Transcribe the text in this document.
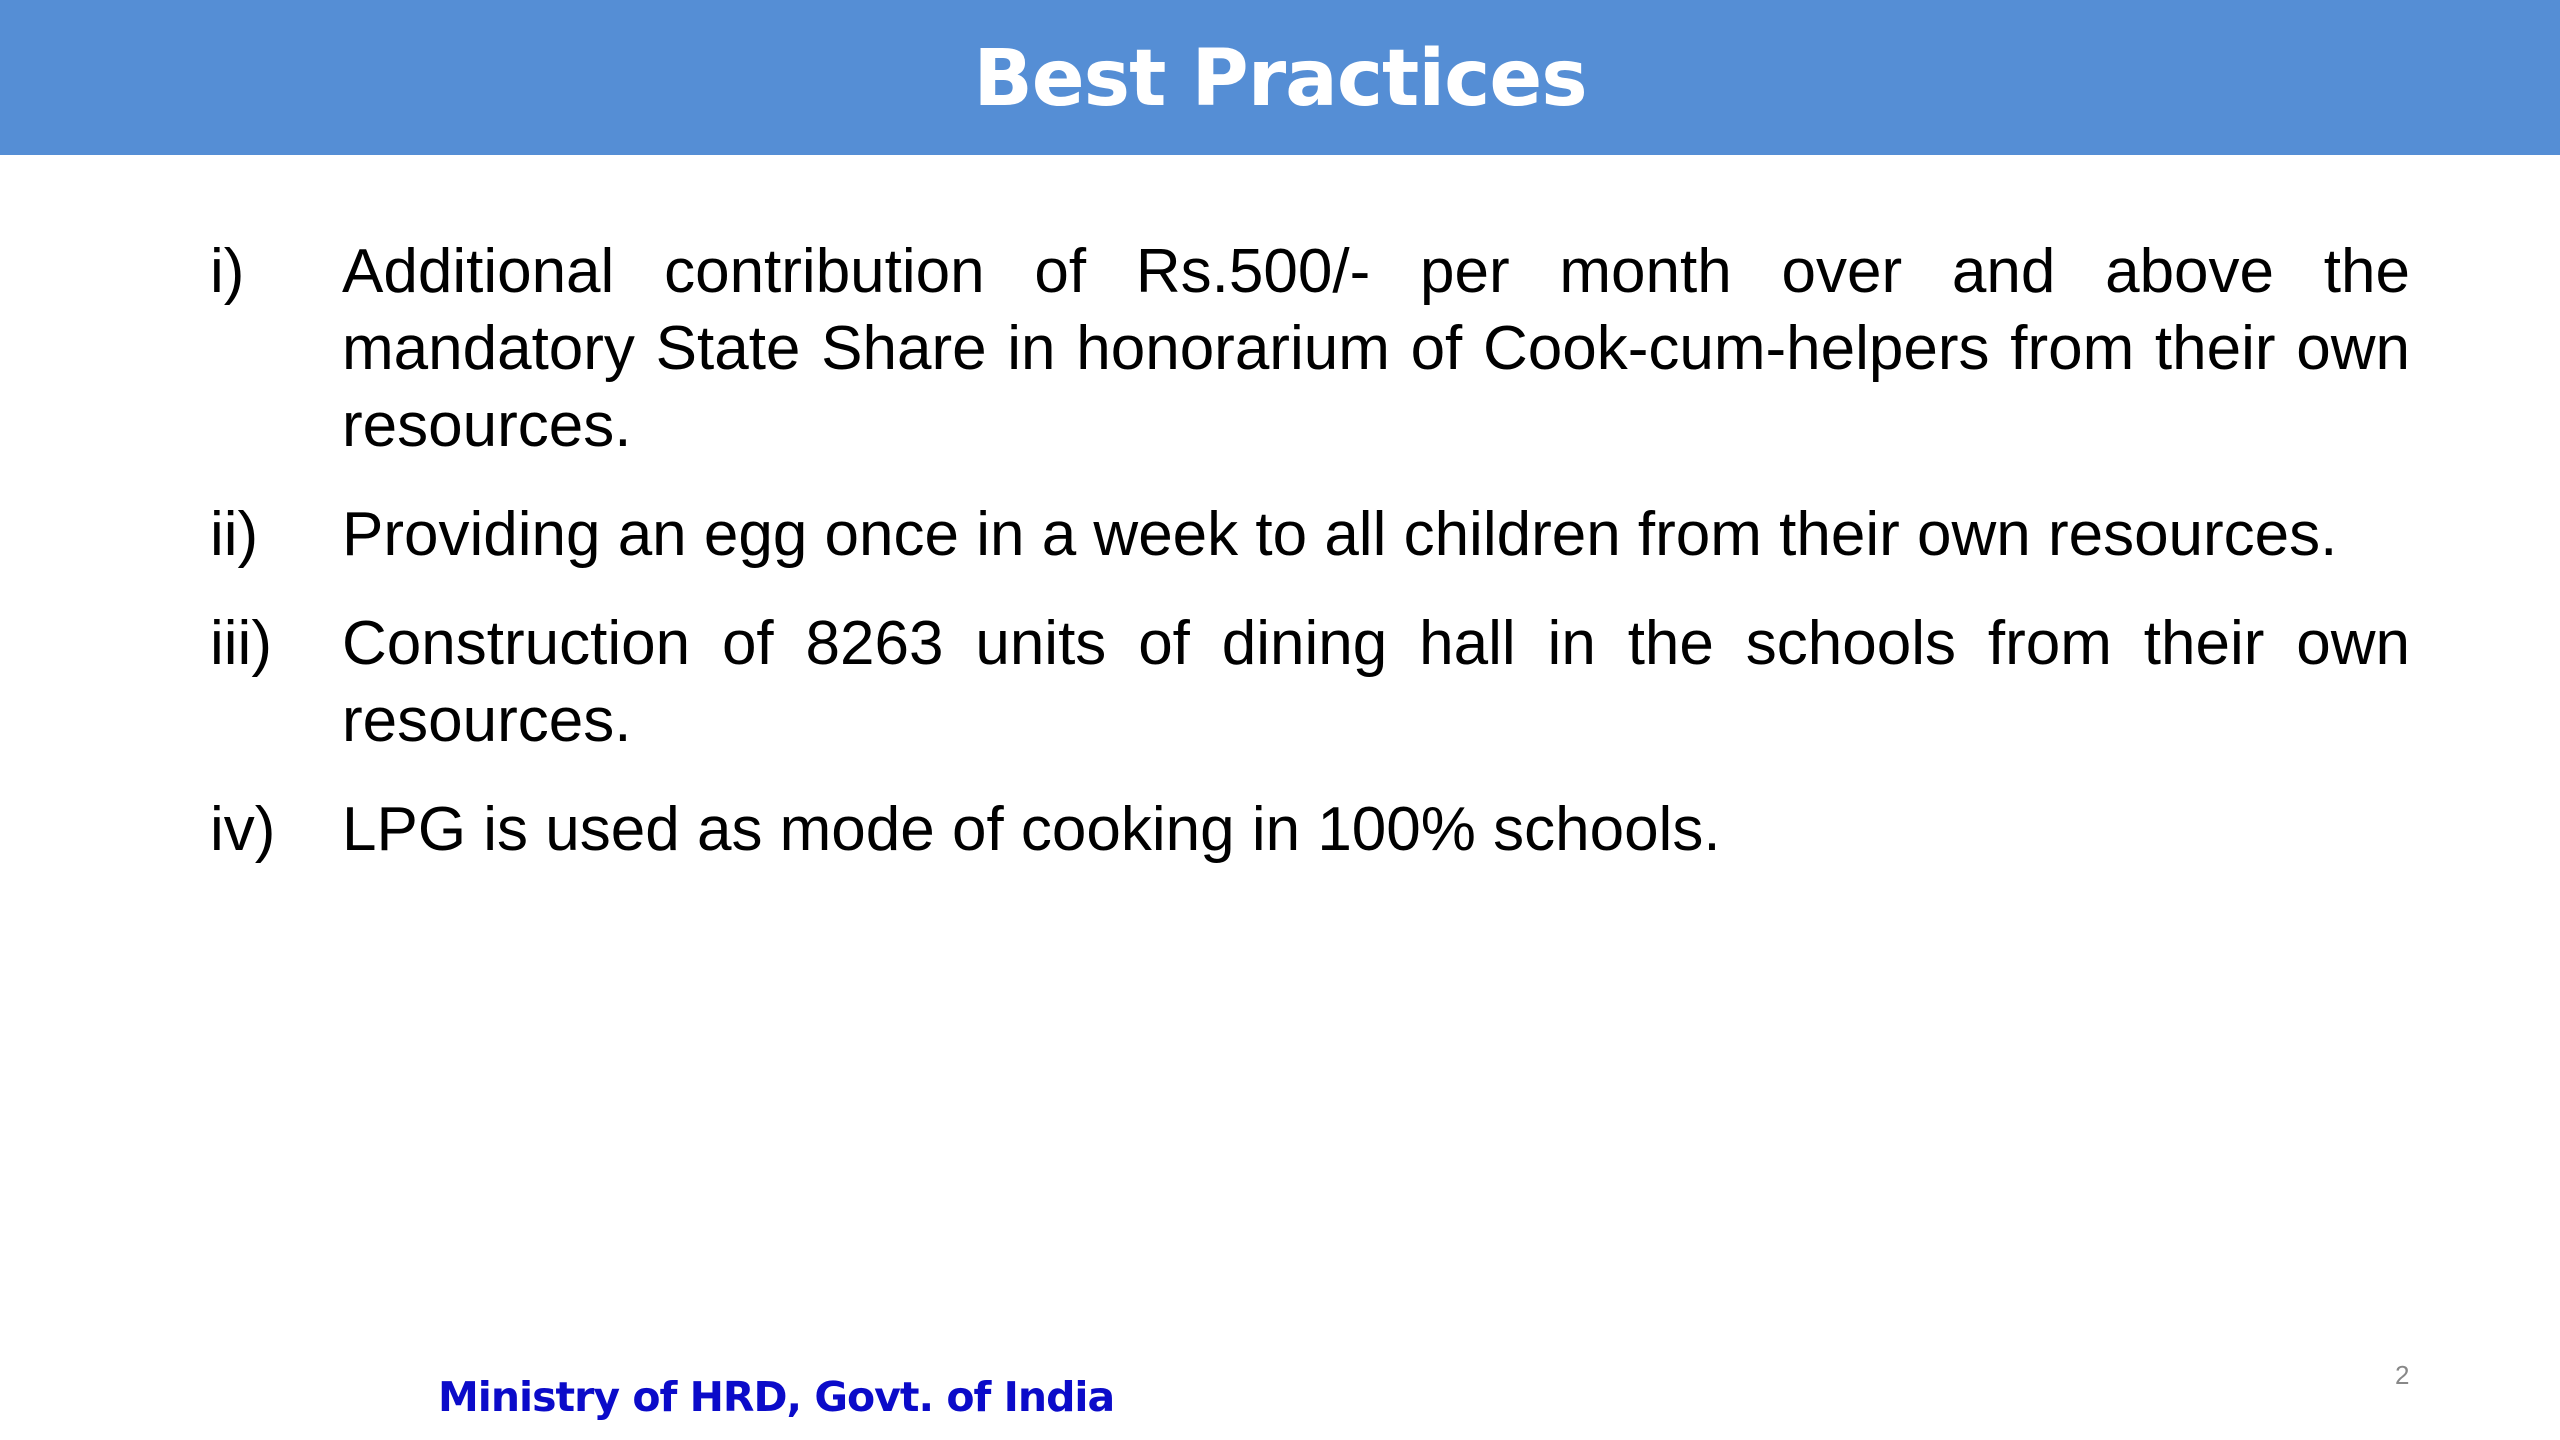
Best Practices
i)	Additional contribution of Rs.500/- per month over and above the mandatory State Share in honorarium of Cook-cum-helpers from their own resources.
ii)	Providing an egg once in a week to all children from their own resources.
iii)	Construction of 8263 units of dining hall in the schools from their own resources.
iv)	LPG is used as mode of cooking in 100% schools.
Ministry of HRD, Govt. of India	2
